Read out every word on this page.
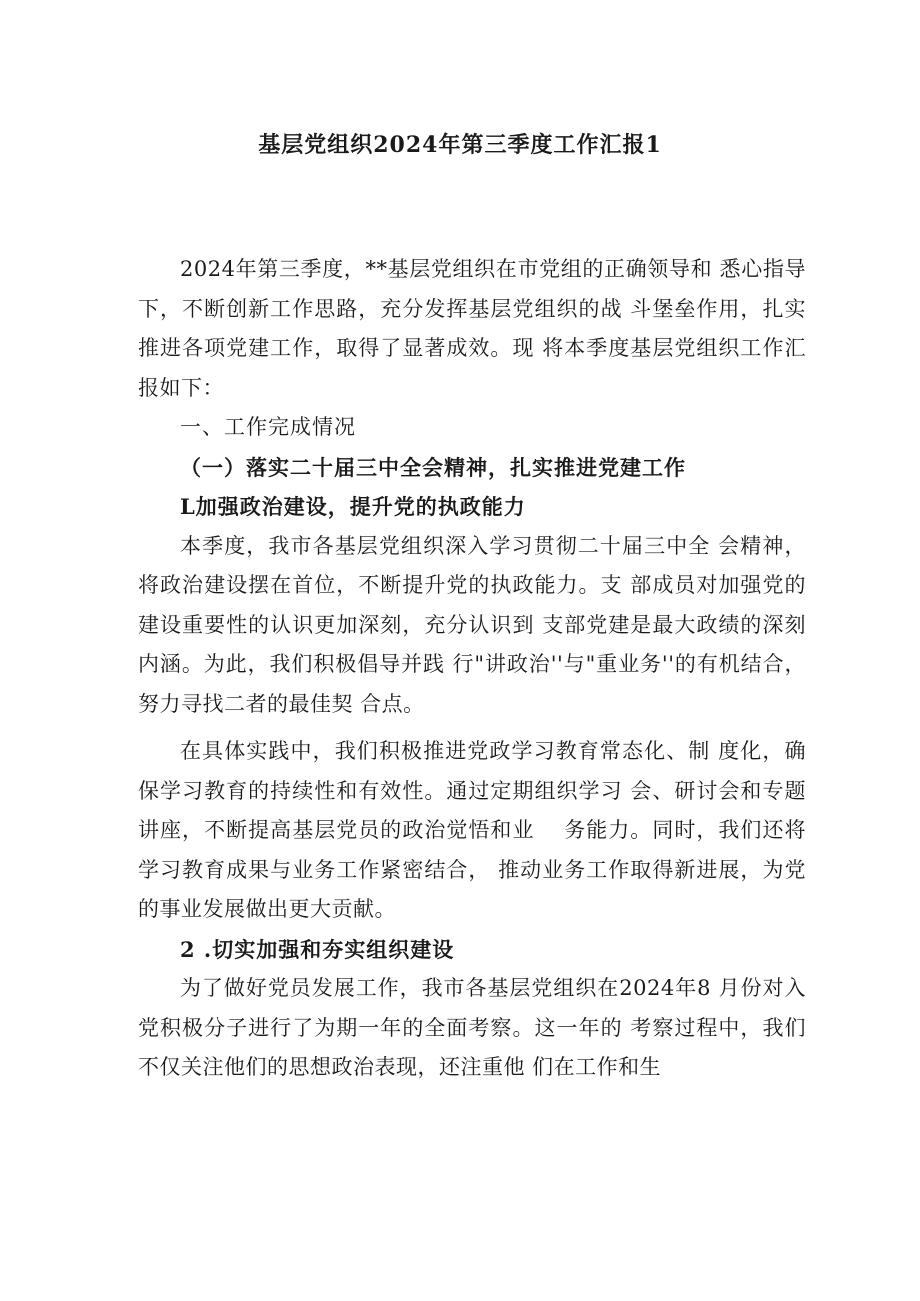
基层党组织2024年第三季度工作汇报1

2024年第三季度，**基层党组织在市党组的正确领导和 悉心指导下，不断创新工作思路，充分发挥基层党组织的战 斗堡垒作用，扎实推进各项党建工作，取得了显著成效。现 将本季度基层党组织工作汇报如下：

一、工作完成情况

（一）落实二十届三中全会精神，扎实推进党建工作

L加强政治建设，提升党的执政能力

本季度，我市各基层党组织深入学习贯彻二十届三中全 会精神，将政治建设摆在首位，不断提升党的执政能力。支 部成员对加强党的建设重要性的认识更加深刻，充分认识到 支部党建是最大政绩的深刻内涵。为此，我们积极倡导并践 行"讲政治''与"重业务''的有机结合，努力寻找二者的最佳契 合点。

在具体实践中，我们积极推进党政学习教育常态化、制 度化，确保学习教育的持续性和有效性。通过定期组织学习 会、研讨会和专题讲座，不断提高基层党员的政治觉悟和业　 务能力。同时，我们还将学习教育成果与业务工作紧密结合， 推动业务工作取得新进展，为党的事业发展做出更大贡献。

2 .切实加强和夯实组织建设

为了做好党员发展工作，我市各基层党组织在2024年8 月份对入党积极分子进行了为期一年的全面考察。这一年的 考察过程中，我们不仅关注他们的思想政治表现，还注重他 们在工作和生
